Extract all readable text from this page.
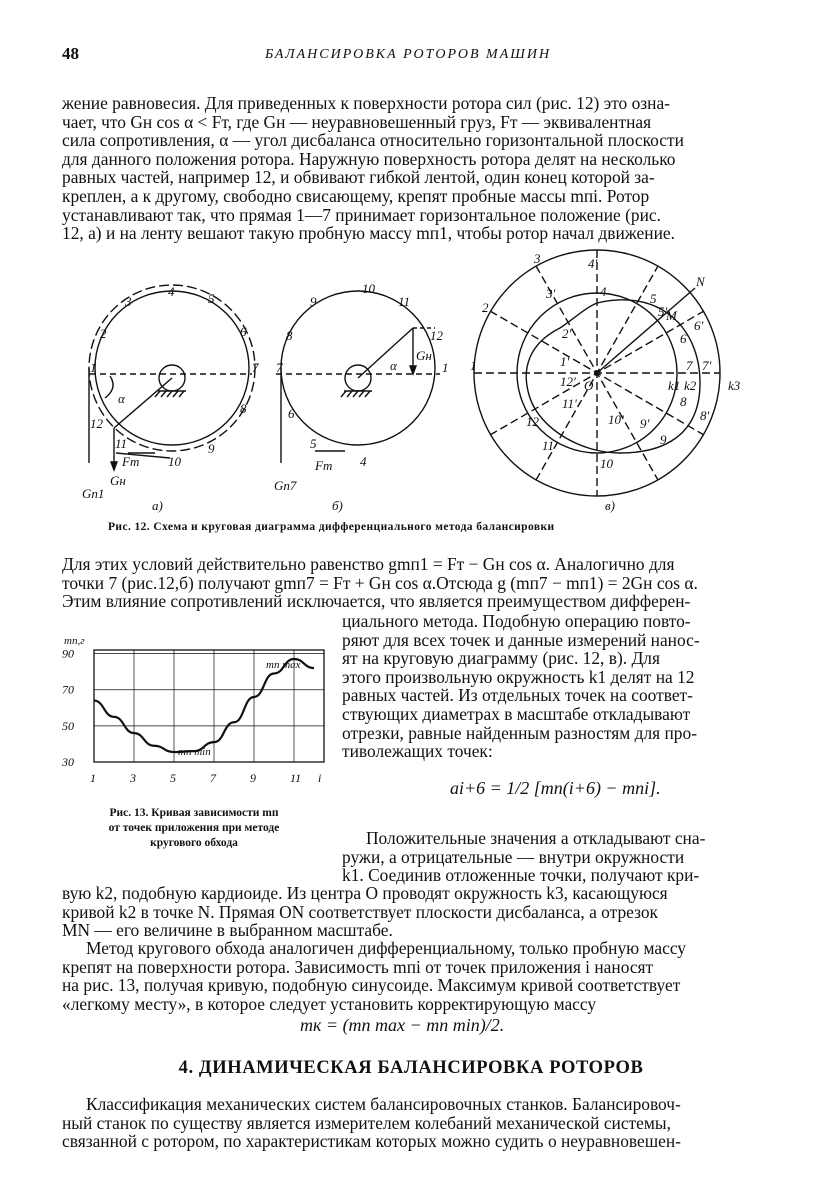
48	БАЛАНСИРОВКА РОТОРОВ МАШИН

жение равновесия. Для приведенных к поверхности ротора сил (рис. 12) это озна-

чает, что Gн cos α < Fт, где Gн — неуравновешенный груз, Fт — эквивалентная

сила сопротивления, α — угол дисбаланса относительно горизонтальной плоскости

для данного положения ротора. Наружную поверхность ротора делят на несколько

равных частей, например 12, и обвивают гибкой лентой, один конец которой за-

креплен, а к другому, свободно свисающему, крепят пробные массы mпi. Ротор

устанавливают так, что прямая 1—7 принимает горизонтальное положение (рис.

12, а) и на ленту вешают такую пробную массу mп1, чтобы ротор начал движение.

а)	б)	в)
1
2
3
4	5
6
7
8
9
10
11
12
α
Fт
Gн
Gп1
10
11
12
1
9
8
7
6
5
4
α
Fт
Gн
Gп7
1
2
3
4	5
6
7
8
9
10
11
12
3'
4'
2'
1'
5'
6'
7'
8'
9'
10'
11'
12'
N
M
O	k1 k2 k3
Рис. 12. Схема и круговая диаграмма дифференциального метода балансировки

Для этих условий действительно равенство gmп1 = Fт − Gн cos α. Аналогично для

точки 7 (рис.12,б) получают gmп7 = Fт + Gн cos α.Отсюда g (mп7 − mп1) = 2Gн cos α.

Этим влияние сопротивлений исключается, что является преимуществом дифферен-

1	3	5	7	9	11 i
30
50
70
90
mп,г
mп max
mп min
Рис. 13. Кривая зависимости mп
от точек приложения при методе
кругового обхода

циального метода. Подобную операцию повто-

ряют для всех точек и данные измерений нанос-

ят на круговую диаграмму (рис. 12, в). Для

этого произвольную окружность k1 делят на 12

равных частей. Из отдельных точек на соответ-

ствующих диаметрах в масштабе откладывают

отрезки, равные найденным разностям для про-

тиволежащих точек:

ai+6 = 1/2 [mп(i+6) − mпi].

Положительные значения a откладывают сна-

ружи, а отрицательные — внутри окружности

k1. Соединив отложенные точки, получают кри-

вую k2, подобную кардиоиде. Из центра O проводят окружность k3, касающуюся

кривой k2 в точке N. Прямая ON соответствует плоскости дисбаланса, а отрезок

MN — его величине в выбранном масштабе.

Метод кругового обхода аналогичен дифференциальному, только пробную массу

крепят на поверхности ротора. Зависимость mпi от точек приложения i наносят

на рис. 13, получая кривую, подобную синусоиде. Максимум кривой соответствует

«легкому месту», в которое следует установить корректирующую массу

mк = (mп max − mп min)/2.
4. ДИНАМИЧЕСКАЯ БАЛАНСИРОВКА РОТОРОВ

Классификация механических систем балансировочных станков. Балансировоч-

ный станок по существу является измерителем колебаний механической системы,

связанной с ротором, по характеристикам которых можно судить о неуравновешен-
